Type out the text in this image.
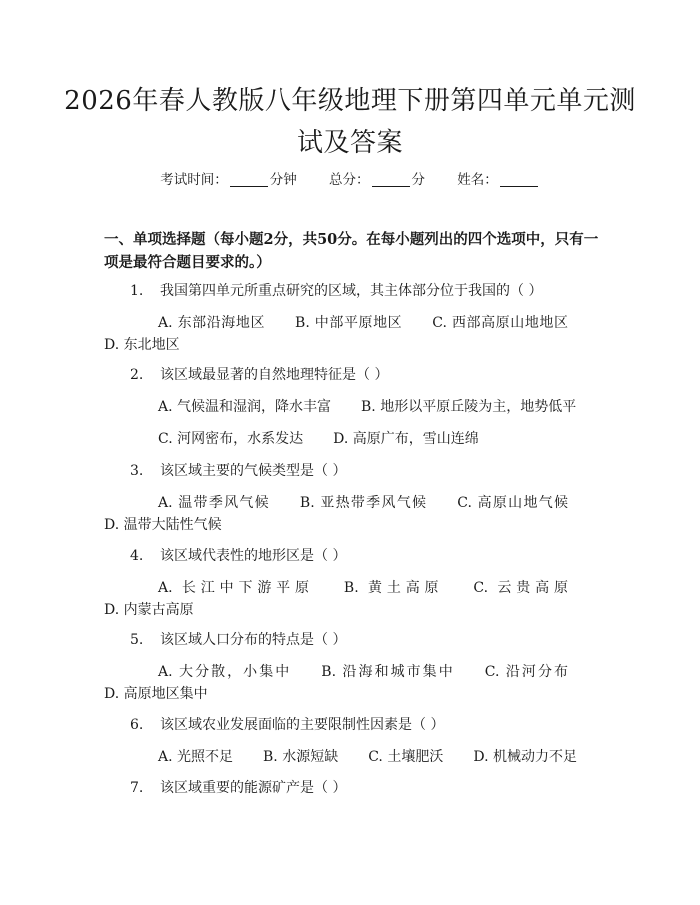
2026年春人教版八年级地理下册第四单元单元测试及答案
考试时间：	分钟 总分：	分 姓名：
一、单项选择题（每小题2分，共50分。在每小题列出的四个选项中，只有一项是最符合题目要求的。）
1. 我国第四单元所重点研究的区域，其主体部分位于我国的（ ）
A. 东部沿海地区 B. 中部平原地区 C. 西部高原山地地区D. 东北地区
2. 该区域最显著的自然地理特征是（ ）
A. 气候温和湿润，降水丰富 B. 地形以平原丘陵为主，地势低平
C. 河网密布，水系发达 D. 高原广布，雪山连绵
3. 该区域主要的气候类型是（ ）
A. 温带季风气候 B. 亚热带季风气候 C. 高原山地气候D. 温带大陆性气候
4. 该区域代表性的地形区是（ ）
A. 长江中下游平原 B. 黄土高原 C. 云贵高原D. 内蒙古高原
5. 该区域人口分布的特点是（ ）
A. 大分散，小集中 B. 沿海和城市集中 C. 沿河分布D. 高原地区集中
6. 该区域农业发展面临的主要限制性因素是（ ）
A. 光照不足 B. 水源短缺 C. 土壤肥沃 D. 机械动力不足
7. 该区域重要的能源矿产是（ ）
